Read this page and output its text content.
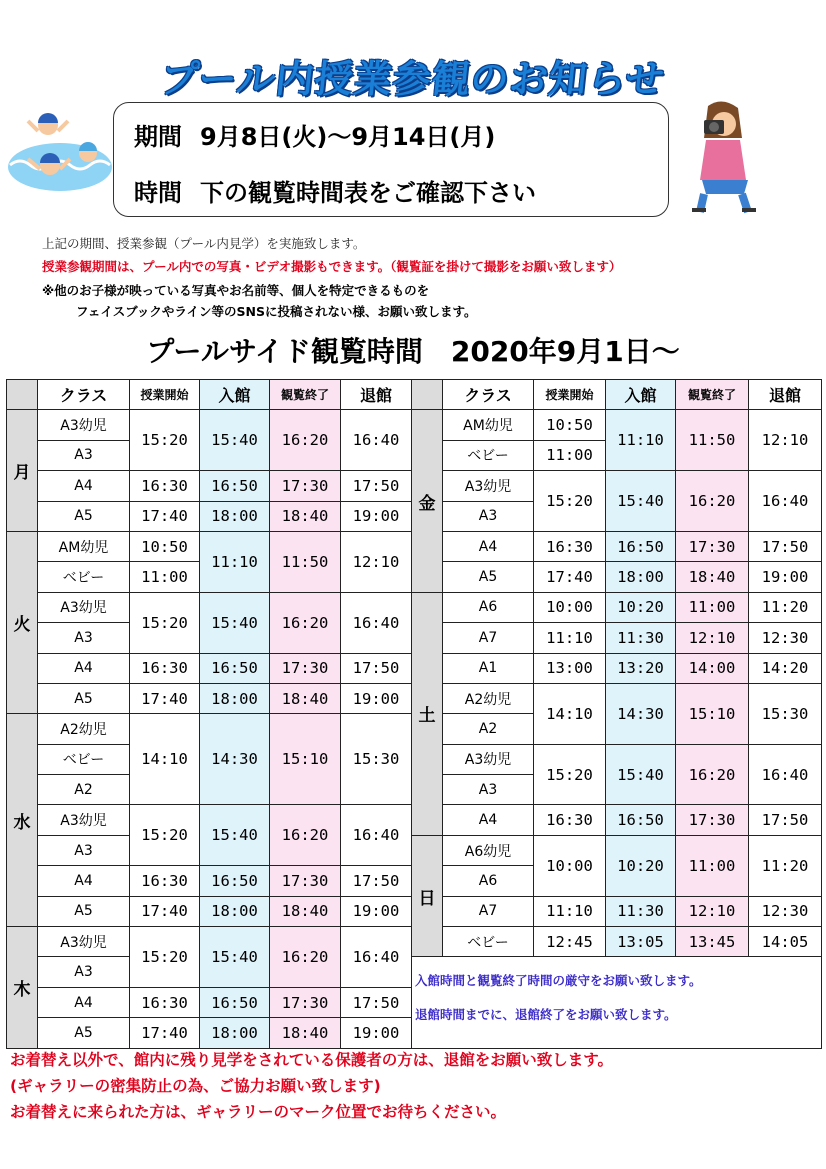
プール内授業参観のお知らせ
期間 9月8日(火)～9月14日(月)
時間 下の観覧時間表をご確認下さい
上記の期間、授業参観（プール内見学）を実施致します。
授業参観期間は、プール内での写真・ビデオ撮影もできます。（観覧証を掛けて撮影をお願い致します）
※他のお子様が映っている写真やお名前等、個人を特定できるものを
フェイスブックやライン等のSNSに投稿されない様、お願い致します。
プールサイド観覧時間　2020年9月1日～
	クラス	授業開始	入館	観覧終了	退館		クラス	授業開始	入館	観覧終了	退館
月	A3幼児	15:20	15:40	16:20	16:40	金	AM幼児	10:50	11:10	11:50	12:10
	A3						ベビー	11:00			
	A4	16:30	16:50	17:30	17:50		A3幼児	15:20	15:40	16:20	16:40
	A5	17:40	18:00	18:40	19:00		A3				
火	AM幼児	10:50	11:10	11:50	12:10		A4	16:30	16:50	17:30	17:50
	ベビー	11:00					A5	17:40	18:00	18:40	19:00
	A3幼児	15:20	15:40	16:20	16:40	土	A6	10:00	10:20	11:00	11:20
	A3						A7	11:10	11:30	12:10	12:30
	A4	16:30	16:50	17:30	17:50		A1	13:00	13:20	14:00	14:20
	A5	17:40	18:00	18:40	19:00		A2幼児	14:10	14:30	15:10	15:30
水	A2幼児	14:10	14:30	15:10	15:30		A2				
	ベビー						A3幼児	15:20	15:40	16:20	16:40
	A2						A3				
	A3幼児	15:20	15:40	16:20	16:40		A4	16:30	16:50	17:30	17:50
	A3					日	A6幼児	10:00	10:20	11:00	11:20
	A4	16:30	16:50	17:30	17:50		A6				
	A5	17:40	18:00	18:40	19:00		A7	11:10	11:30	12:10	12:30
木	A3幼児	15:20	15:40	16:20	16:40		ベビー	12:45	13:05	13:45	14:05
	A3					入館時間と観覧終了時間の厳守をお願い致します。
退館時間までに、退館終了をお願い致します。					

	A4	16:30	16:50	17:30	17:50						
	A5	17:40	18:00	18:40	19:00						
お着替え以外で、館内に残り見学をされている保護者の方は、退館をお願い致します。
(ギャラリーの密集防止の為、ご協力お願い致します)
お着替えに来られた方は、ギャラリーのマーク位置でお待ちください。
